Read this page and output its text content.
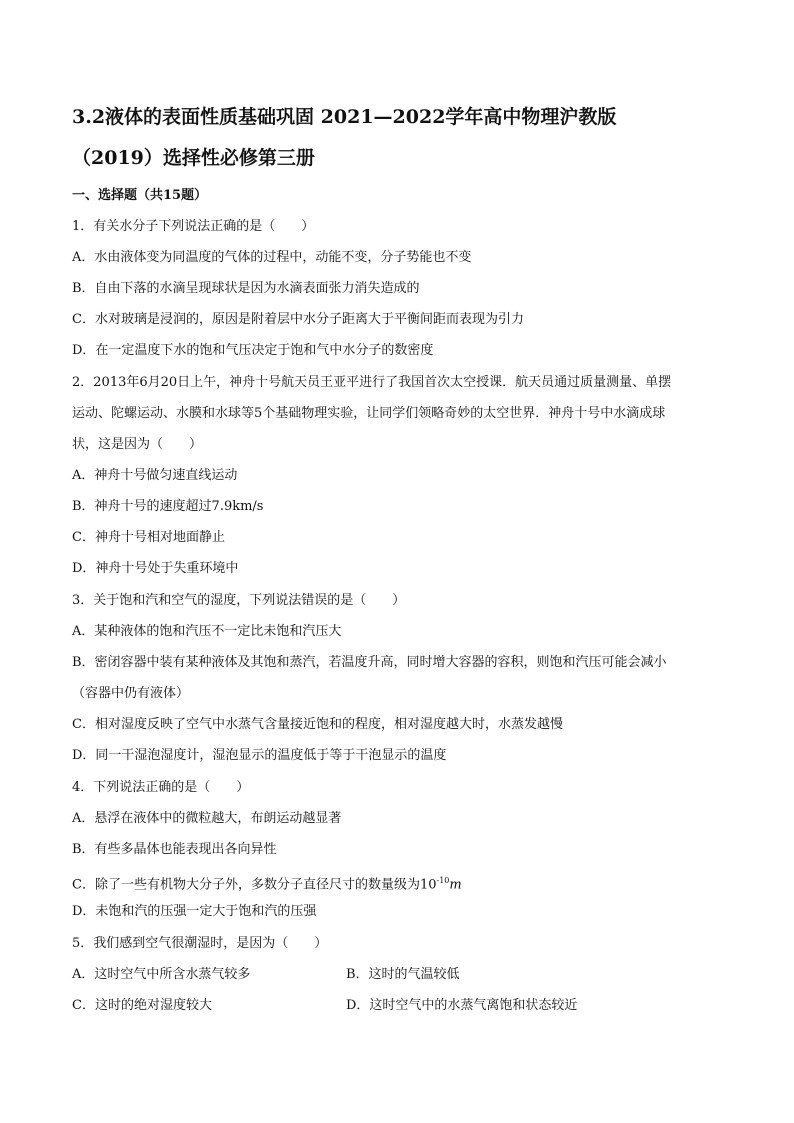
3.2液体的表面性质基础巩固 2021—2022学年高中物理沪教版
（2019）选择性必修第三册
一、选择题（共15题）
1．有关水分子下列说法正确的是（　　）
A．水由液体变为同温度的气体的过程中，动能不变，分子势能也不变
B．自由下落的水滴呈现球状是因为水滴表面张力消失造成的
C．水对玻璃是浸润的，原因是附着层中水分子距离大于平衡间距而表现为引力
D．在一定温度下水的饱和气压决定于饱和气中水分子的数密度
2．2013年6月20日上午，神舟十号航天员王亚平进行了我国首次太空授课．航天员通过质量测量、单摆
运动、陀螺运动、水膜和水球等5个基础物理实验，让同学们领略奇妙的太空世界．神舟十号中水滴成球
状，这是因为（　　）
A．神舟十号做匀速直线运动
B．神舟十号的速度超过7.9km/s
C．神舟十号相对地面静止
D．神舟十号处于失重环境中
3．关于饱和汽和空气的湿度，下列说法错误的是（　　）
A．某种液体的饱和汽压不一定比未饱和汽压大
B．密闭容器中装有某种液体及其饱和蒸汽，若温度升高，同时增大容器的容积，则饱和汽压可能会减小
（容器中仍有液体）
C．相对湿度反映了空气中水蒸气含量接近饱和的程度，相对湿度越大时，水蒸发越慢
D．同一干湿泡湿度计，湿泡显示的温度低于等于干泡显示的温度
4．下列说法正确的是（　　）
A．悬浮在液体中的微粒越大，布朗运动越显著
B．有些多晶体也能表现出各向异性
C．除了一些有机物大分子外，多数分子直径尺寸的数量级为$10^{-10}m$
D．未饱和汽的压强一定大于饱和汽的压强
5．我们感到空气很潮湿时，是因为（　　）
A．这时空气中所含水蒸气较多	B．这时的气温较低
C．这时的绝对湿度较大	D．这时空气中的水蒸气离饱和状态较近
